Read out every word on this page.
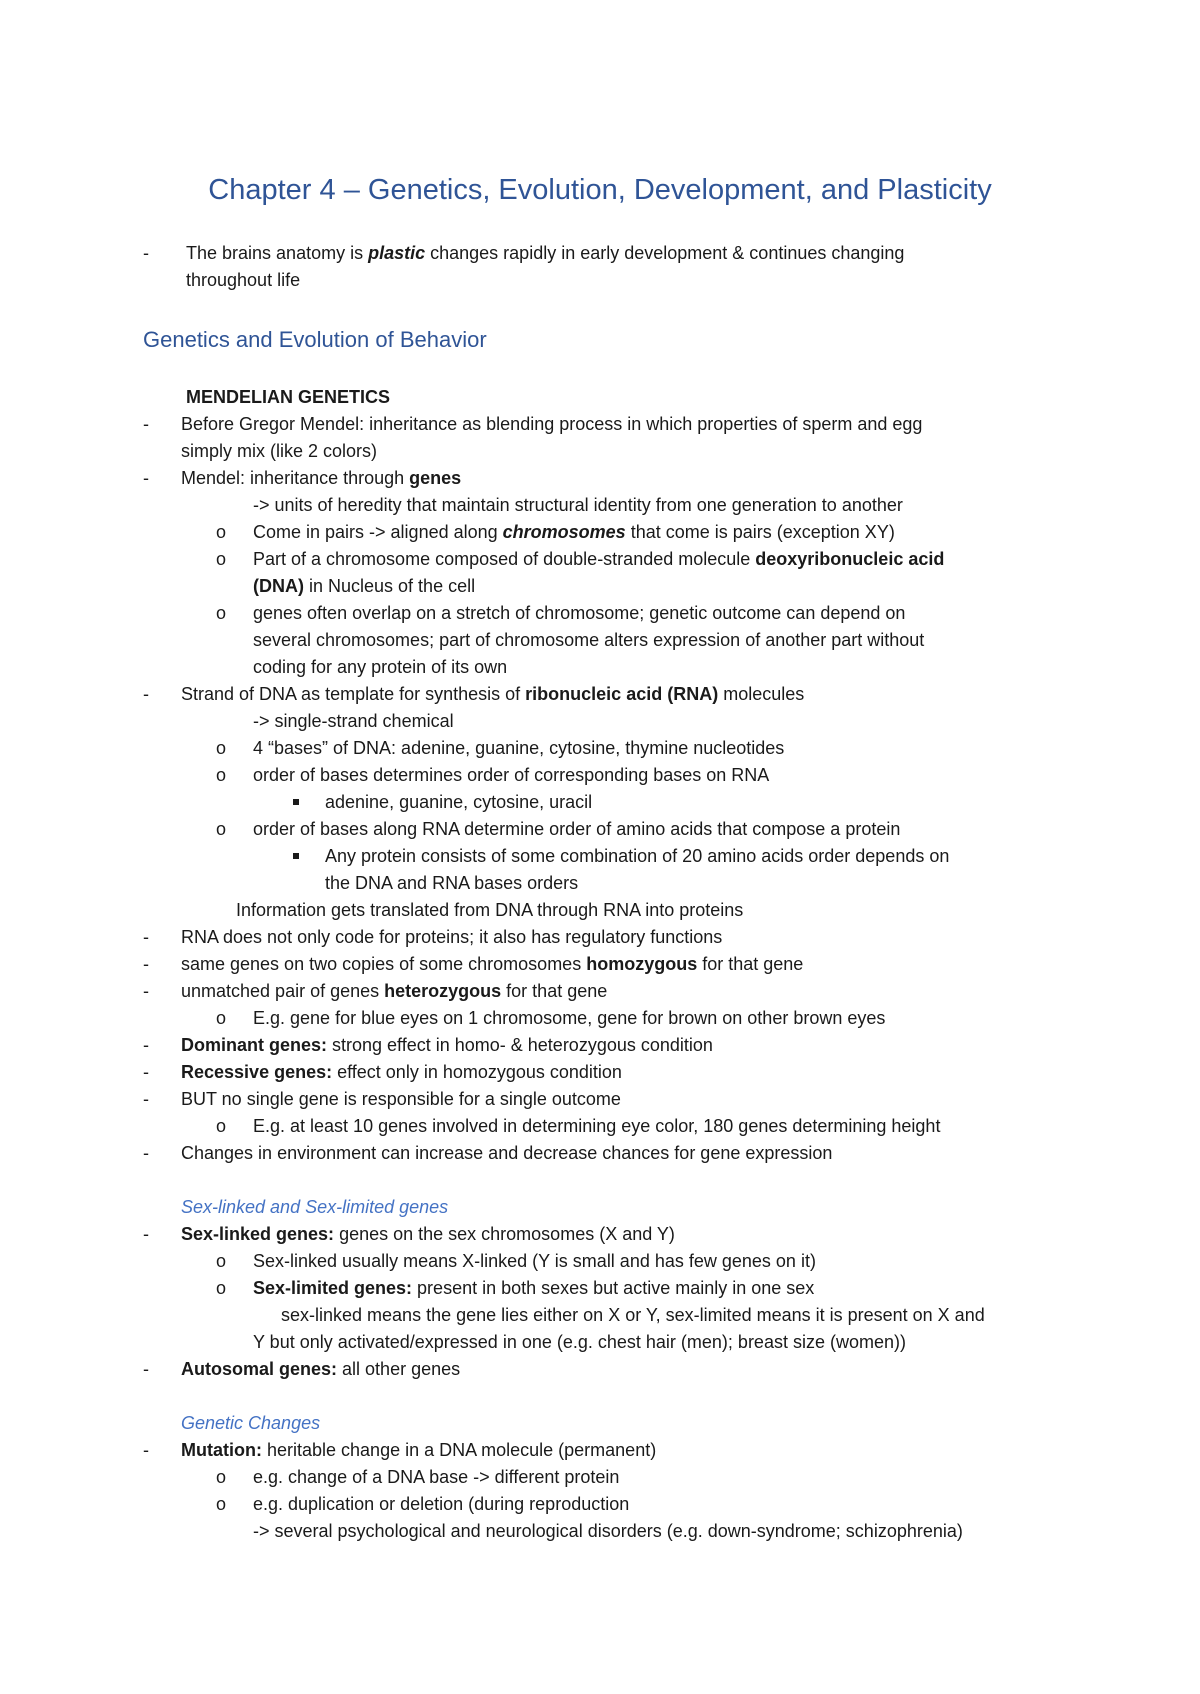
Chapter 4 – Genetics, Evolution, Development, and Plasticity
- The brains anatomy is plastic changes rapidly in early development & continues changing
throughout life
Genetics and Evolution of Behavior
MENDELIAN GENETICS
- Before Gregor Mendel: inheritance as blending process in which properties of sperm and egg
simply mix (like 2 colors)
- Mendel: inheritance through genes
-> units of heredity that maintain structural identity from one generation to another
o Come in pairs -> aligned along chromosomes that come is pairs (exception XY)
o Part of a chromosome composed of double-stranded molecule deoxyribonucleic acid
(DNA) in Nucleus of the cell
o genes often overlap on a stretch of chromosome; genetic outcome can depend on
several chromosomes; part of chromosome alters expression of another part without
coding for any protein of its own
- Strand of DNA as template for synthesis of ribonucleic acid (RNA) molecules
-> single-strand chemical
o 4 “bases” of DNA: adenine, guanine, cytosine, thymine nucleotides
o order of bases determines order of corresponding bases on RNA
adenine, guanine, cytosine, uracil
o order of bases along RNA determine order of amino acids that compose a protein
Any protein consists of some combination of 20 amino acids order depends on
the DNA and RNA bases orders
Information gets translated from DNA through RNA into proteins
- RNA does not only code for proteins; it also has regulatory functions
- same genes on two copies of some chromosomes homozygous for that gene
- unmatched pair of genes heterozygous for that gene
o E.g. gene for blue eyes on 1 chromosome, gene for brown on other brown eyes
- Dominant genes: strong effect in homo- & heterozygous condition
- Recessive genes: effect only in homozygous condition
- BUT no single gene is responsible for a single outcome
o E.g. at least 10 genes involved in determining eye color, 180 genes determining height
- Changes in environment can increase and decrease chances for gene expression
Sex-linked and Sex-limited genes
- Sex-linked genes: genes on the sex chromosomes (X and Y)
o Sex-linked usually means X-linked (Y is small and has few genes on it)
o Sex-limited genes: present in both sexes but active mainly in one sex
sex-linked means the gene lies either on X or Y, sex-limited means it is present on X and
Y but only activated/expressed in one (e.g. chest hair (men); breast size (women))
- Autosomal genes: all other genes
Genetic Changes
- Mutation: heritable change in a DNA molecule (permanent)
o e.g. change of a DNA base -> different protein
o e.g. duplication or deletion (during reproduction
-> several psychological and neurological disorders (e.g. down-syndrome; schizophrenia)
